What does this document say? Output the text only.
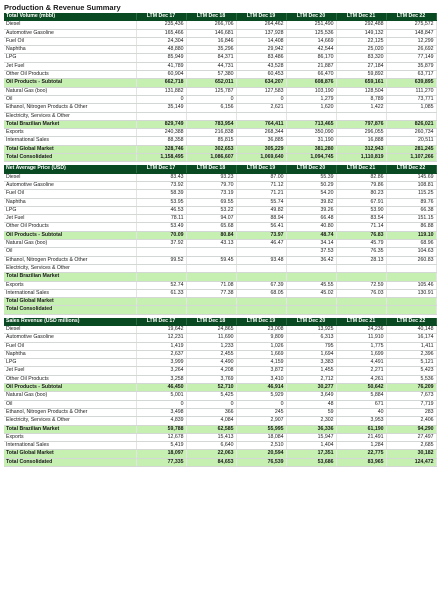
Production & Revenue Summary
Total Volume (mbbl)	LTM Dec 17	LTM Dec 18	LTM Dec 19	LTM Dec 20	LTM Dec 21	LTM Dec 22
Diesel	235,436	266,706	264,462	251,490	292,488	275,572
Automotive Gasoline	165,466	146,681	137,928	125,536	149,132	148,847
Fuel Oil	24,304	16,846	14,408	14,669	22,125	12,299
Naphtha	48,880	35,296	29,942	42,544	25,020	26,692
LPG	85,949	84,371	83,486	86,170	83,320	77,149
Jet Fuel	41,789	44,731	43,528	21,887	27,184	35,879
Other Oil Products	60,904	57,380	60,453	66,470	59,892	63,717
Oil Products - Subtotal	662,718	652,011	634,207	608,876	659,161	639,895
Natural Gas (boo)	131,882	125,787	127,583	103,190	128,504	111,270
Oil	0	0	0	1,279	8,789	73,771
Ethanol, Nitrogen Products & Other	35,149	6,156	2,621	1,620	1,422	1,085
Electricity, Services & Other						
Total Brazilian Market	829,749	783,954	764,411	713,465	797,876	826,021
Exports	240,388	216,838	268,344	350,090	296,055	260,734
International Sales	88,358	85,815	36,885	31,190	16,888	20,511
Total Global Market	328,746	302,653	305,229	381,280	312,943	281,245
Total Consolidated	1,158,495	1,086,607	1,069,640	1,094,745	1,110,819	1,107,266

Net Average Price (USD)	LTM Dec 17	LTM Dec 18	LTM Dec 19	LTM Dec 20	LTM Dec 21	LTM Dec 22
Diesel	83.43	93.23	87.00	55.39	82.86	145.69
Automotive Gasoline	73.92	79.70	71.12	50.29	79.86	108.81
Fuel Oil	58.39	73.19	71.21	54.20	80.23	115.25
Naphtha	53.95	69.55	55.74	39.82	67.91	89.76
LPG	46.53	53.22	49.82	39.26	53.90	66.38
Jet Fuel	78.11	94.07	88.94	66.48	83.54	151.15
Other Oil Products	53.49	65.68	56.41	40.80	71.14	86.88
Oil Products - Subtotal	70.09	80.84	73.97	48.74	76.83	119.10
Natural Gas (boo)	37.92	43.13	46.47	34.14	45.79	68.96
Oil				37.53	76.35	104.63
Ethanol, Nitrogen Products & Other	99.52	59.45	93.48	36.42	28.13	260.83
Electricity, Services & Other						
Total Brazilian Market						
Exports	52.74	71.08	67.39	45.55	72.59	105.46
International Sales	61.33	77.38	68.05	45.02	76.03	130.91
Total Global Market						
Total Consolidated						

Sales Revenue (USD millions)	LTM Dec 17	LTM Dec 18	LTM Dec 19	LTM Dec 20	LTM Dec 21	LTM Dec 22
Diesel	19,642	24,865	23,008	13,925	24,236	40,148
Automotive Gasoline	12,231	11,690	9,809	6,313	11,910	16,174
Fuel Oil	1,419	1,233	1,026	795	1,775	1,411
Naphtha	2,637	2,455	1,669	1,694	1,699	2,396
LPG	3,999	4,490	4,159	3,383	4,491	5,121
Jet Fuel	3,264	4,208	3,872	1,455	2,271	5,423
Other Oil Products	3,258	3,769	3,410	2,712	4,261	5,536
Oil Products - Subtotal	46,450	52,710	46,914	30,277	50,642	76,209
Natural Gas (boo)	5,001	5,425	5,929	3,649	5,884	7,673
Oil	0	0	0	48	671	7,719
Ethanol, Nitrogen Products & Other	3,498	366	245	59	40	283
Electricity, Services & Other	4,839	4,084	2,907	2,302	3,953	2,406
Total Brazilian Market	59,788	62,585	55,995	36,336	61,190	94,290
Exports	12,678	15,413	18,084	15,947	21,491	27,497
International Sales	5,419	6,640	2,510	1,404	1,284	2,685
Total Global Market	18,097	22,063	20,594	17,351	22,775	30,182
Total Consolidated	77,335	84,653	76,539	53,686	83,965	124,472
